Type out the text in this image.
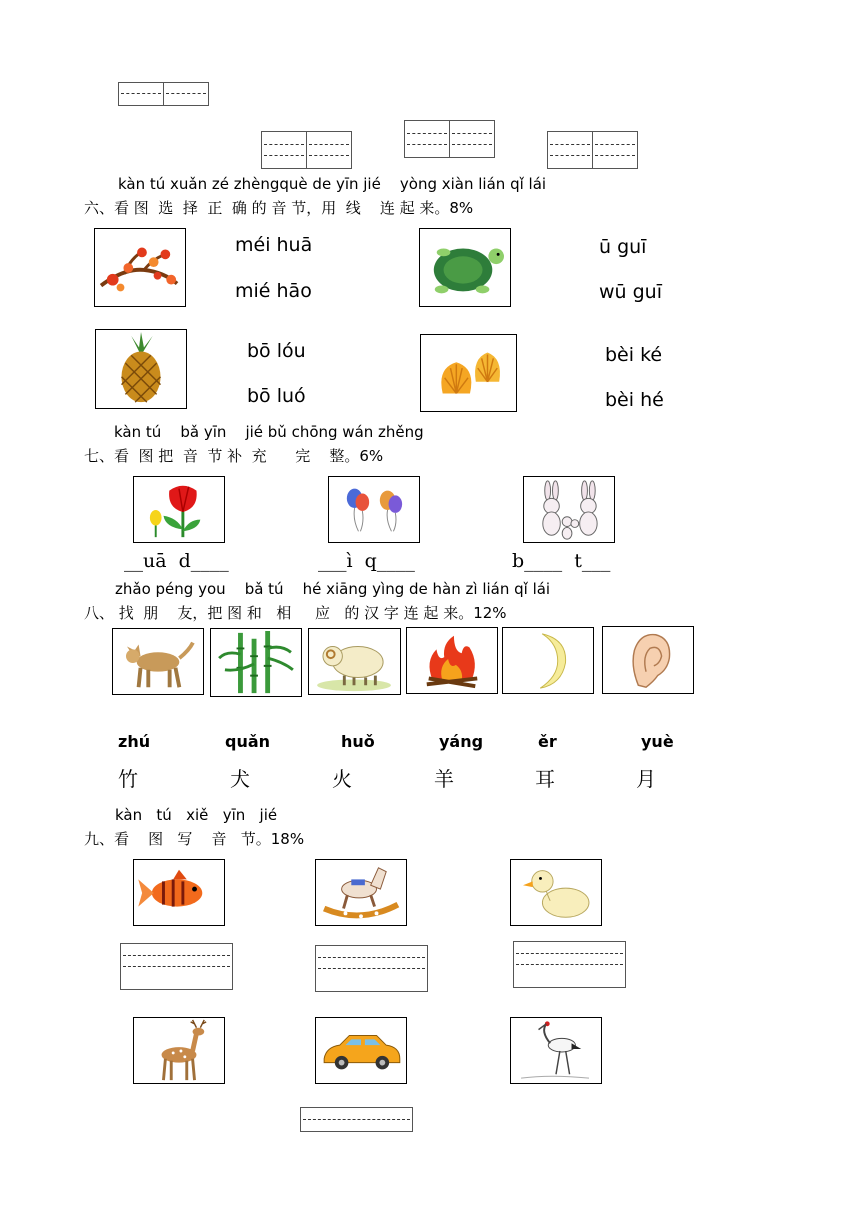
kàn tú xuǎn zé zhèngquè de yīn jié    yòng xiàn lián qǐ lái
六、看 图  选  择  正  确 的 音 节，用  线    连 起 来。8%
méi huā
mié hāo
ū guī
wū guī
bō lóu
bō luó
bèi ké
bèi hé
kàn tú    bǎ yīn    jié bǔ chōng wán zhěng
七、看  图 把  音  节 补  充      完    整。6%
__uā  d____	___ì  q____	b____  t___
zhǎo péng you    bǎ tú    hé xiāng yìng de hàn zì lián qǐ lái
八、 找  朋    友，把 图 和   相     应   的 汉 字 连 起 来。12%
zhú	quǎn	huǒ	yáng	ěr	yuè
竹	犬	火	羊	耳	月
kàn   tú   xiě   yīn   jié
九、看    图   写    音   节。18%
